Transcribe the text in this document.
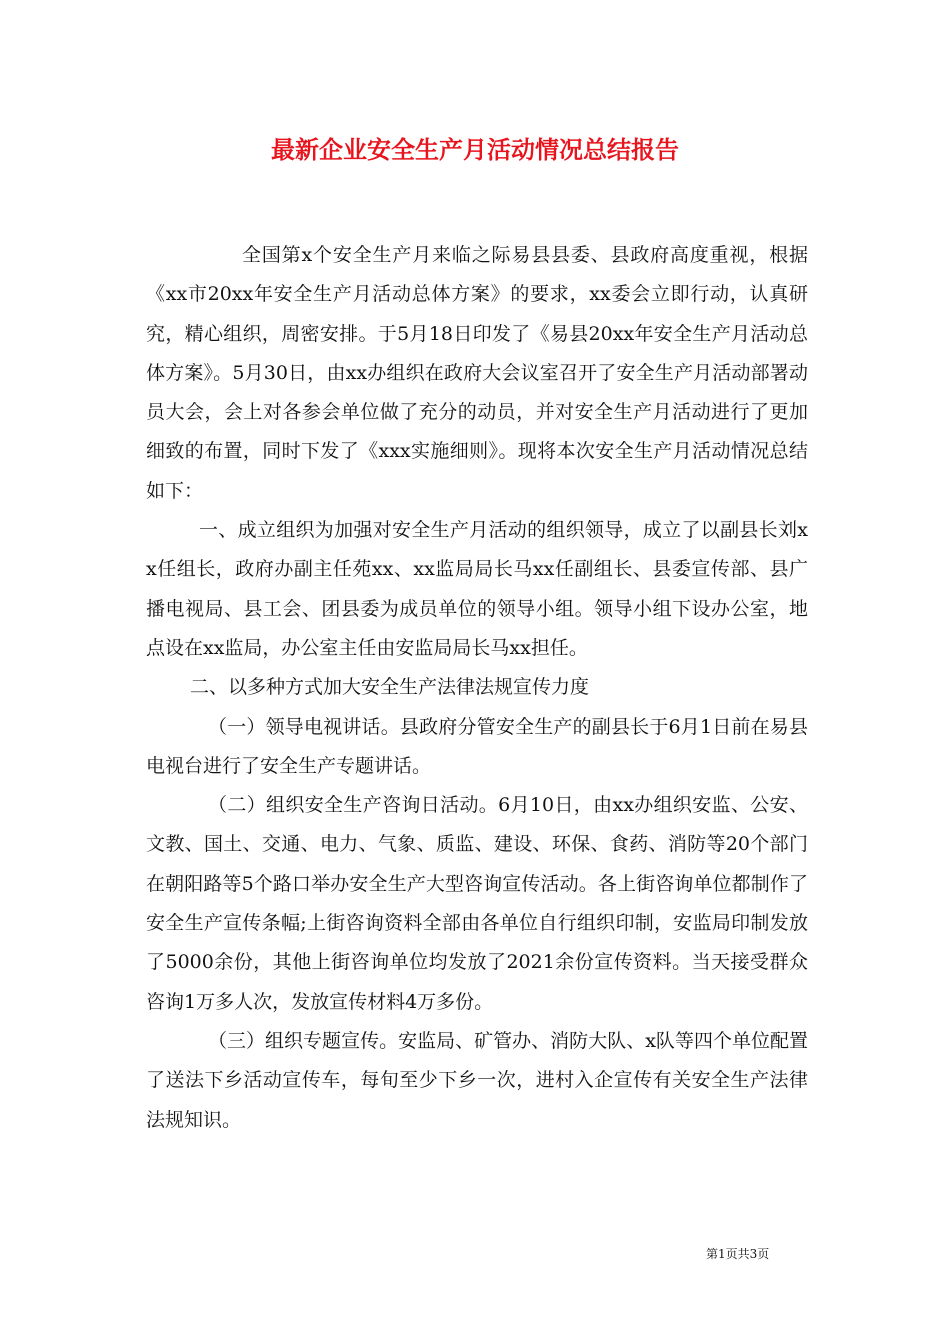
最新企业安全生产月活动情况总结报告

全国第x个安全生产月来临之际易县县委、县政府高度重视，根据《xx市20xx年安全生产月活动总体方案》的要求，xx委会立即行动，认真研究，精心组织，周密安排。于5月18日印发了《易县20xx年安全生产月活动总体方案》。5月30日，由xx办组织在政府大会议室召开了安全生产月活动部署动员大会，会上对各参会单位做了充分的动员，并对安全生产月活动进行了更加细致的布置，同时下发了《xxx实施细则》。现将本次安全生产月活动情况总结如下：

一、成立组织为加强对安全生产月活动的组织领导，成立了以副县长刘xx任组长，政府办副主任苑xx、xx监局局长马xx任副组长、县委宣传部、县广播电视局、县工会、团县委为成员单位的领导小组。领导小组下设办公室，地点设在xx监局，办公室主任由安监局局长马xx担任。

二、以多种方式加大安全生产法律法规宣传力度

（一）领导电视讲话。县政府分管安全生产的副县长于6月1日前在易县电视台进行了安全生产专题讲话。

（二）组织安全生产咨询日活动。6月10日，由xx办组织安监、公安、文教、国土、交通、电力、气象、质监、建设、环保、食药、消防等20个部门在朝阳路等5个路口举办安全生产大型咨询宣传活动。各上街咨询单位都制作了安全生产宣传条幅;上街咨询资料全部由各单位自行组织印制，安监局印制发放了5000余份，其他上街咨询单位均发放了2021余份宣传资料。当天接受群众咨询1万多人次，发放宣传材料4万多份。

（三）组织专题宣传。安监局、矿管办、消防大队、x队等四个单位配置了送法下乡活动宣传车，每旬至少下乡一次，进村入企宣传有关安全生产法律法规知识。

第1页共3页
